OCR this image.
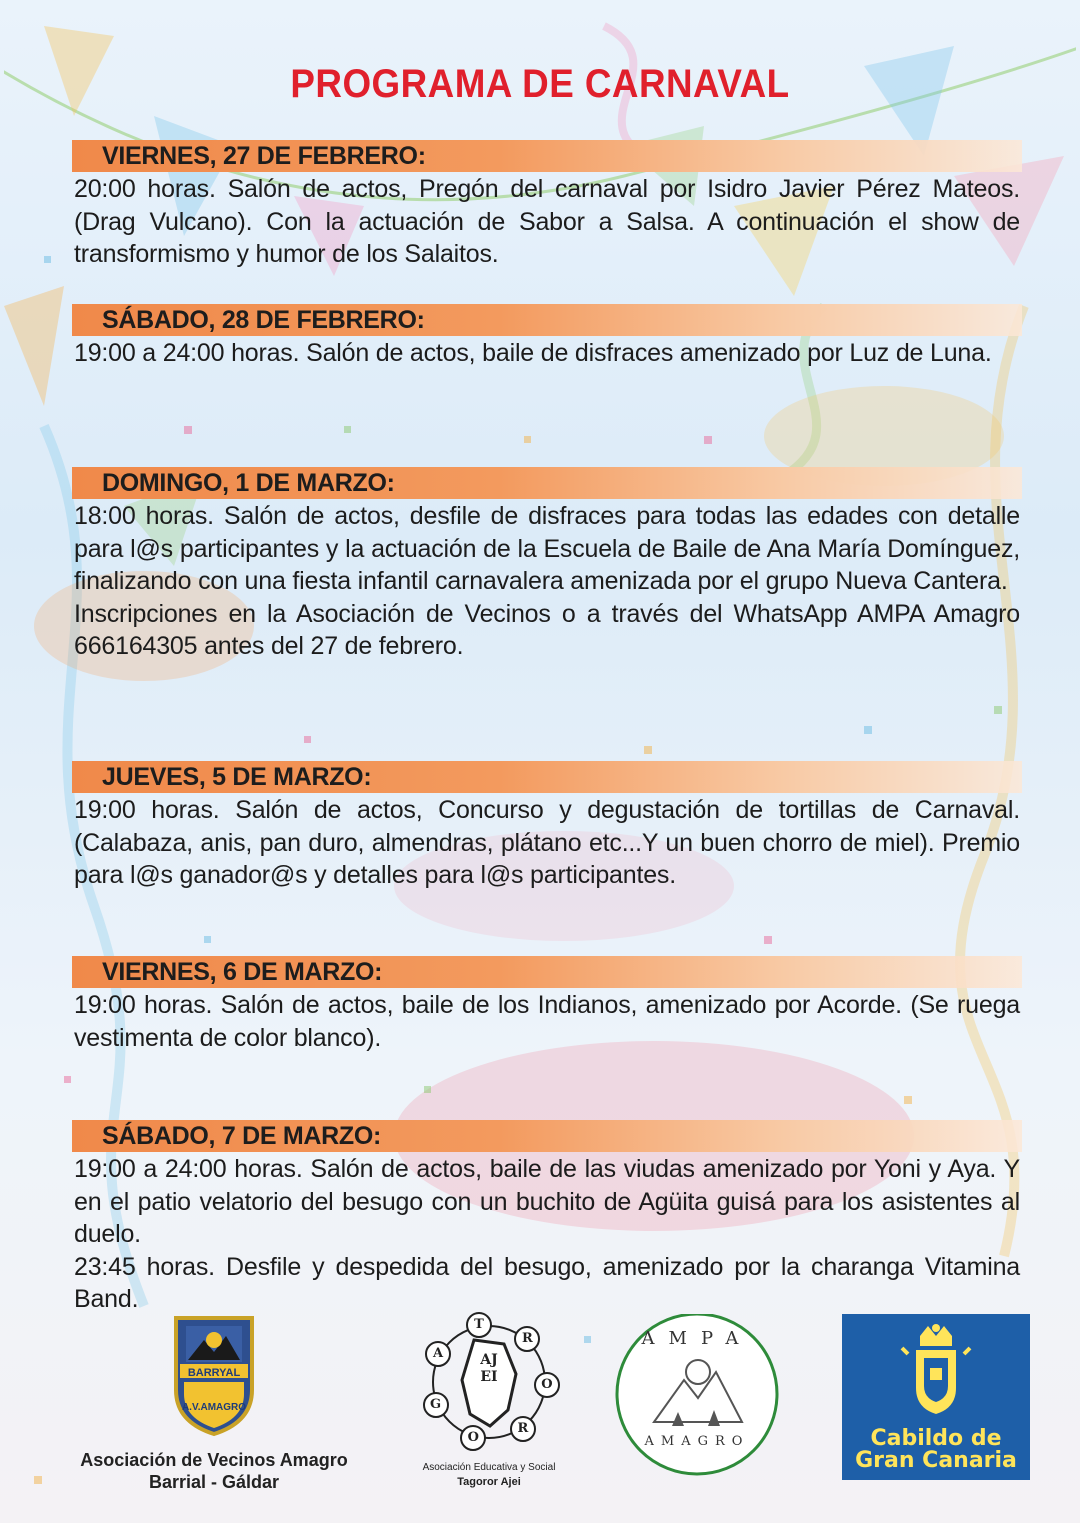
PROGRAMA DE CARNAVAL
VIERNES, 27 DE FEBRERO:

20:00 horas. Salón de actos, Pregón del carnaval por Isidro Javier Pérez Mateos. (Drag Vulcano). Con la actuación de Sabor a Salsa. A continuación el show de transformismo y humor de los Salaitos.

SÁBADO, 28 DE FEBRERO:

19:00 a 24:00 horas. Salón de actos, baile de disfraces amenizado por Luz de Luna.

DOMINGO, 1 DE MARZO:

18:00 horas. Salón de actos, desfile de disfraces para todas las edades con detalle para l@s participantes y la actuación de la Escuela de Baile de Ana María Domínguez, finalizando con una fiesta infantil carnavalera amenizada por el grupo Nueva Cantera.

Inscripciones en la Asociación de Vecinos o a través del WhatsApp AMPA Amagro 666164305 antes del 27 de febrero.

JUEVES, 5 DE MARZO:

19:00 horas. Salón de actos, Concurso y degustación de tortillas de Carnaval. (Calabaza, anis, pan duro, almendras, plátano etc...Y un buen chorro de miel). Premio para l@s ganador@s y detalles para l@s participantes.

VIERNES, 6 DE MARZO:

19:00 horas. Salón de actos, baile de los Indianos, amenizado por Acorde. (Se ruega vestimenta de color blanco).

SÁBADO, 7 DE MARZO:

19:00 a 24:00 horas. Salón de actos, baile de las viudas amenizado por Yoni y Aya. Y en el patio velatorio del besugo con un buchito de Agüita guisá para los asistentes al duelo.

23:45 horas. Desfile y despedida del besugo, amenizado por la charanga Vitamina Band.

BARRYAL
A.V.AMAGRO
Asociación de Vecinos Amagro
Barrial - Gáldar
T
A
G
O
R
O
R
AJEI
Asociación Educativa y Social
Tagoror Ajei
AMPA
AMAGRO	Cabildo de
Gran Canaria
